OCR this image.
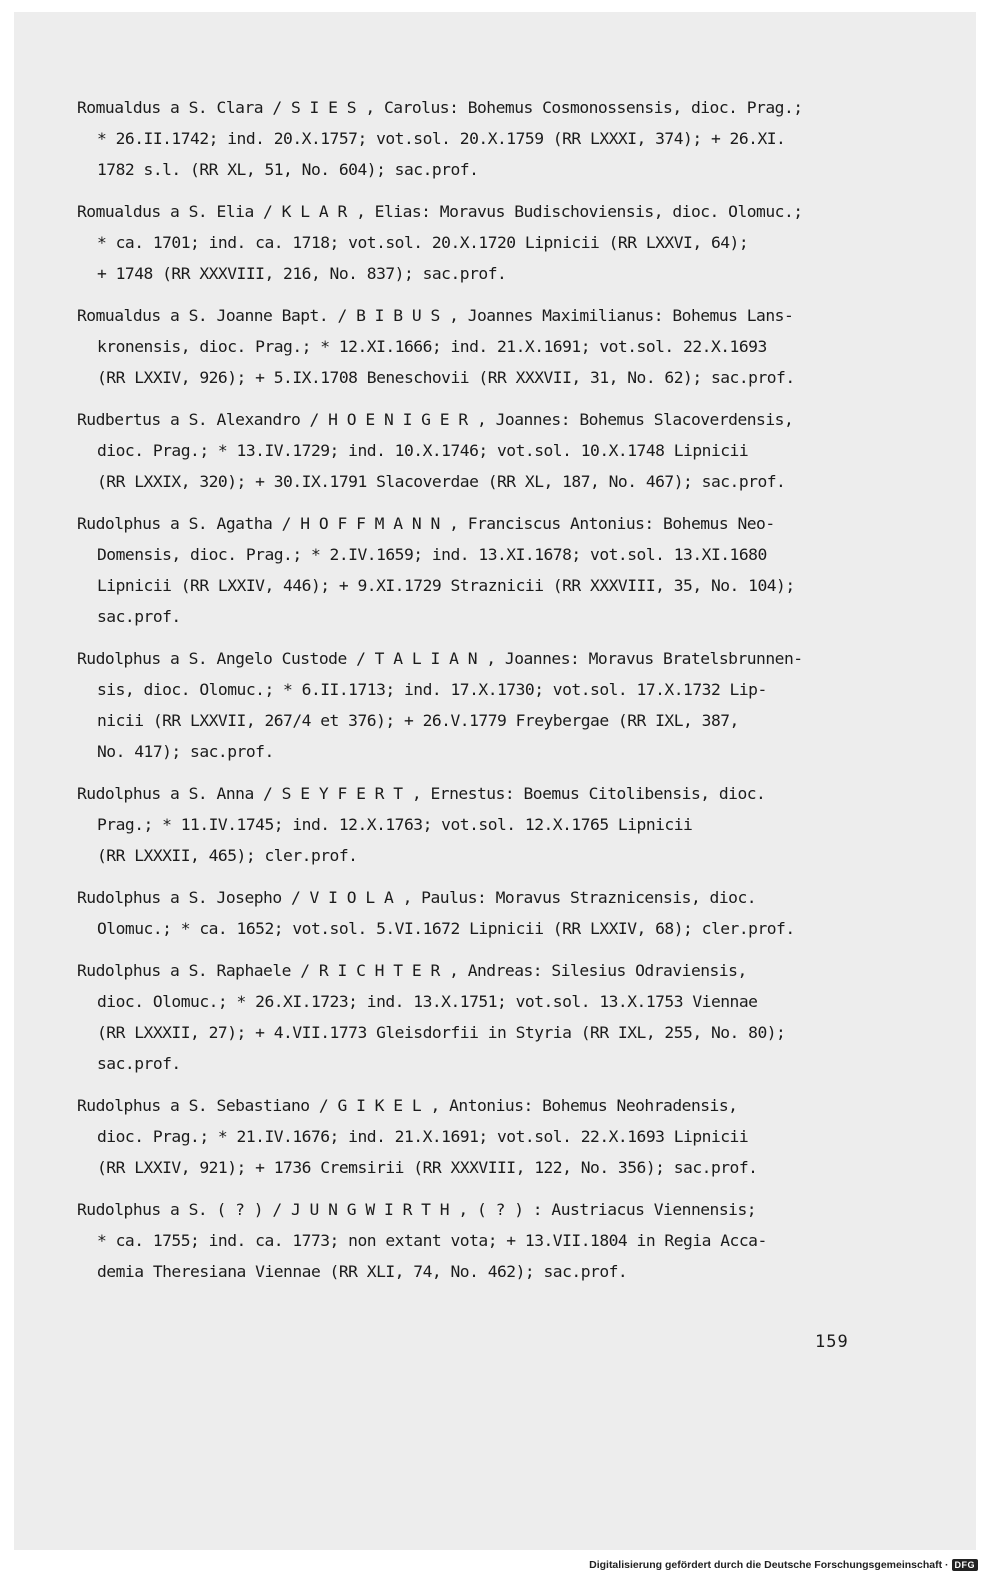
Romualdus a S. Clara / S I E S , Carolus: Bohemus Cosmonossensis, dioc. Prag.;
* 26.II.1742; ind. 20.X.1757; vot.sol. 20.X.1759 (RR LXXXI, 374); + 26.XI.
1782 s.l. (RR XL, 51, No. 604); sac.prof.
Romualdus a S. Elia / K L A R , Elias: Moravus Budischoviensis, dioc. Olomuc.;
* ca. 1701; ind. ca. 1718; vot.sol. 20.X.1720 Lipnicii (RR LXXVI, 64);
+ 1748 (RR XXXVIII, 216, No. 837); sac.prof.
Romualdus a S. Joanne Bapt. / B I B U S , Joannes Maximilianus: Bohemus Lans-
kronensis, dioc. Prag.; * 12.XI.1666; ind. 21.X.1691; vot.sol. 22.X.1693
(RR LXXIV, 926); + 5.IX.1708 Beneschovii (RR XXXVII, 31, No. 62); sac.prof.
Rudbertus a S. Alexandro / H O E N I G E R , Joannes: Bohemus Slacoverdensis,
dioc. Prag.; * 13.IV.1729; ind. 10.X.1746; vot.sol. 10.X.1748 Lipnicii
(RR LXXIX, 320); + 30.IX.1791 Slacoverdae (RR XL, 187, No. 467); sac.prof.
Rudolphus a S. Agatha / H O F F M A N N , Franciscus Antonius: Bohemus Neo-
Domensis, dioc. Prag.; * 2.IV.1659; ind. 13.XI.1678; vot.sol. 13.XI.1680
Lipnicii (RR LXXIV, 446); + 9.XI.1729 Straznicii (RR XXXVIII, 35, No. 104);
sac.prof.
Rudolphus a S. Angelo Custode / T A L I A N , Joannes: Moravus Bratelsbrunnen-
sis, dioc. Olomuc.; * 6.II.1713; ind. 17.X.1730; vot.sol. 17.X.1732 Lip-
nicii (RR LXXVII, 267/4 et 376); + 26.V.1779 Freybergae (RR IXL, 387,
No. 417); sac.prof.
Rudolphus a S. Anna / S E Y F E R T , Ernestus: Boemus Citolibensis, dioc.
Prag.; * 11.IV.1745; ind. 12.X.1763; vot.sol. 12.X.1765 Lipnicii
(RR LXXXII, 465); cler.prof.
Rudolphus a S. Josepho / V I O L A , Paulus: Moravus Straznicensis, dioc.
Olomuc.; * ca. 1652; vot.sol. 5.VI.1672 Lipnicii (RR LXXIV, 68); cler.prof.
Rudolphus a S. Raphaele / R I C H T E R , Andreas: Silesius Odraviensis,
dioc. Olomuc.; * 26.XI.1723; ind. 13.X.1751; vot.sol. 13.X.1753 Viennae
(RR LXXXII, 27); + 4.VII.1773 Gleisdorfii in Styria (RR IXL, 255, No. 80);
sac.prof.
Rudolphus a S. Sebastiano / G I K E L , Antonius: Bohemus Neohradensis,
dioc. Prag.; * 21.IV.1676; ind. 21.X.1691; vot.sol. 22.X.1693 Lipnicii
(RR LXXIV, 921); + 1736 Cremsirii (RR XXXVIII, 122, No. 356); sac.prof.
Rudolphus a S. ( ? ) / J U N G W I R T H , ( ? ) : Austriacus Viennensis;
* ca. 1755; ind. ca. 1773; non extant vota; + 13.VII.1804 in Regia Accа-
demia Theresiana Viennae (RR XLI, 74, No. 462); sac.prof.
159
Digitalisierung gefördert durch die Deutsche Forschungsgemeinschaft · DFG
